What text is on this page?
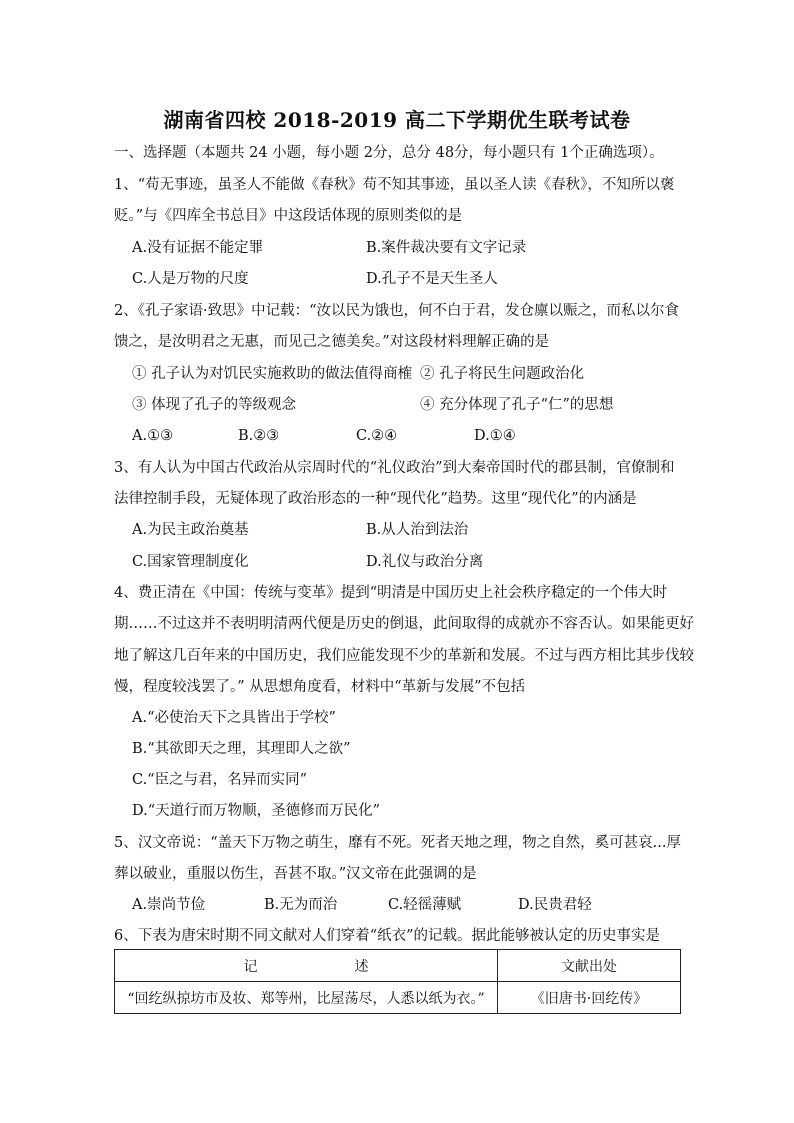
湖南省四校 2018-2019 高二下学期优生联考试卷
一、选择题（本题共 24 小题，每小题 2分，总分 48分，每小题只有 1个正确选项）。
1、“苟无事迹，虽圣人不能做《春秋》苟不知其事迹，虽以圣人读《春秋》，不知所以褒
贬。”与《四库全书总目》中这段话体现的原则类似的是
A.没有证据不能定罪	B.案件裁决要有文字记录
C.人是万物的尺度	D.孔子不是天生圣人
2、《孔子家语·致思》中记载：“汝以民为饿也，何不白于君，发仓廪以赈之，而私以尔食
馈之，是汝明君之无惠，而见己之德美矣。”对这段材料理解正确的是
① 孔子认为对饥民实施救助的做法值得商榷 ② 孔子将民生问题政治化
③ 体现了孔子的等级观念	④ 充分体现了孔子“仁”的思想
A.①③	B.②③	C.②④	D.①④
3、有人认为中国古代政治从宗周时代的“礼仪政治”到大秦帝国时代的郡县制，官僚制和
法律控制手段，无疑体现了政治形态的一种“现代化”趋势。这里“现代化”的内涵是
A.为民主政治奠基	B.从人治到法治
C.国家管理制度化	D.礼仪与政治分离
4、费正清在《中国：传统与变革》提到“明清是中国历史上社会秩序稳定的一个伟大时
期……不过这并不表明明清两代便是历史的倒退，此间取得的成就亦不容否认。如果能更好
地了解这几百年来的中国历史，我们应能发现不少的革新和发展。不过与西方相比其步伐较
慢，程度较浅罢了。” 从思想角度看，材料中“革新与发展”不包括
A.“必使治天下之具皆出于学校”
B.“其欲即天之理，其理即人之欲”
C.“臣之与君，名异而实同”
D.“天道行而万物顺，圣德修而万民化”
5、汉文帝说：“盖天下万物之萌生，靡有不死。死者天地之理，物之自然，奚可甚哀...厚
葬以破业，重服以伤生，吾甚不取。”汉文帝在此强调的是
A.崇尚节俭	B.无为而治	C.轻徭薄赋	D.民贵君轻
6、下表为唐宋时期不同文献对人们穿着“纸衣”的记载。据此能够被认定的历史事实是
记 述	文献出处
“回纥纵掠坊市及妆、郑等州，比屋荡尽，人悉以纸为衣。”	《旧唐书·回纥传》
